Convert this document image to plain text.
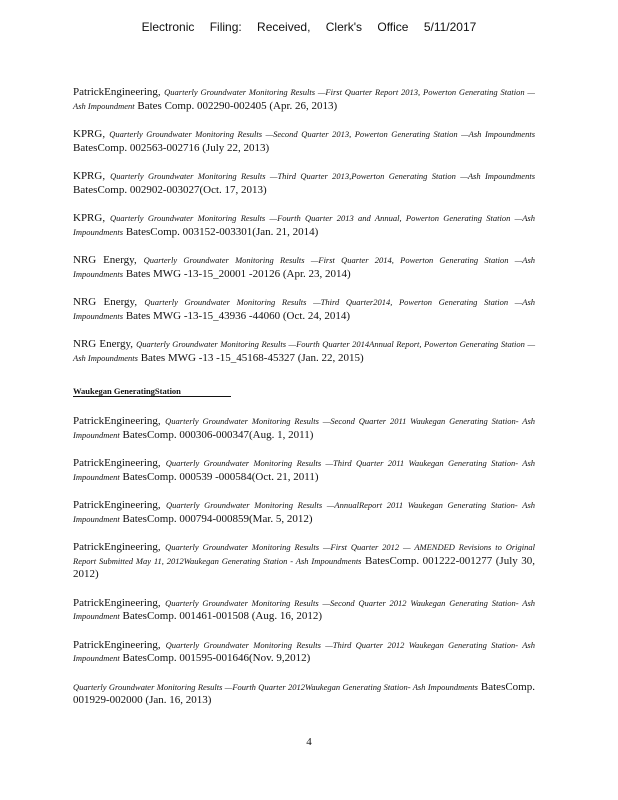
Electronic Filing: Received, Clerk's Office 5/11/2017
PatrickEngineering, Quarterly Groundwater Monitoring Results —First Quarter Report 2013, Powerton Generating Station —Ash Impoundment Bates Comp. 002290-002405 (Apr. 26, 2013)
KPRG, Quarterly Groundwater Monitoring Results —Second Quarter 2013, Powerton Generating Station —Ash Impoundments BatesComp. 002563-002716 (July 22, 2013)
KPRG, Quarterly Groundwater Monitoring Results —Third Quarter 2013,Powerton Generating Station —Ash Impoundments BatesComp. 002902-003027(Oct. 17, 2013)
KPRG, Quarterly Groundwater Monitoring Results —Fourth Quarter 2013 and Annual, Powerton Generating Station —Ash Impoundments BatesComp. 003152-003301(Jan. 21, 2014)
NRG Energy, Quarterly Groundwater Monitoring Results —First Quarter 2014, Powerton Generating Station —Ash Impoundments Bates MWG -13-15_20001 -20126 (Apr. 23, 2014)
NRG Energy, Quarterly Groundwater Monitoring Results —Third Quarter2014, Powerton Generating Station —Ash Impoundments Bates MWG -13-15_43936 -44060 (Oct. 24, 2014)
NRG Energy, Quarterly Groundwater Monitoring Results —Fourth Quarter 2014Annual Report, Powerton Generating Station —Ash Impoundments Bates MWG -13 -15_45168-45327 (Jan. 22, 2015)
Waukegan GeneratingStation
PatrickEngineering, Quarterly Groundwater Monitoring Results —Second Quarter 2011 Waukegan Generating Station- Ash Impoundment BatesComp. 000306-000347(Aug. 1, 2011)
PatrickEngineering, Quarterly Groundwater Monitoring Results —Third Quarter 2011 Waukegan Generating Station- Ash Impoundment BatesComp. 000539 -000584(Oct. 21, 2011)
PatrickEngineering, Quarterly Groundwater Monitoring Results —AnnualReport 2011 Waukegan Generating Station- Ash Impoundment BatesComp. 000794-000859(Mar. 5, 2012)
PatrickEngineering, Quarterly Groundwater Monitoring Results —First Quarter 2012 — AMENDED Revisions to Original Report Submitted May 11, 2012Waukegan Generating Station - Ash Impoundments BatesComp. 001222-001277 (July 30, 2012)
PatrickEngineering, Quarterly Groundwater Monitoring Results —Second Quarter 2012 Waukegan Generating Station- Ash Impoundment BatesComp. 001461-001508 (Aug. 16, 2012)
PatrickEngineering, Quarterly Groundwater Monitoring Results —Third Quarter 2012 Waukegan Generating Station- Ash Impoundment BatesComp. 001595-001646(Nov. 9,2012)
Quarterly Groundwater Monitoring Results —Fourth Quarter 2012Waukegan Generating Station- Ash Impoundments BatesComp. 001929-002000 (Jan. 16, 2013)
4
